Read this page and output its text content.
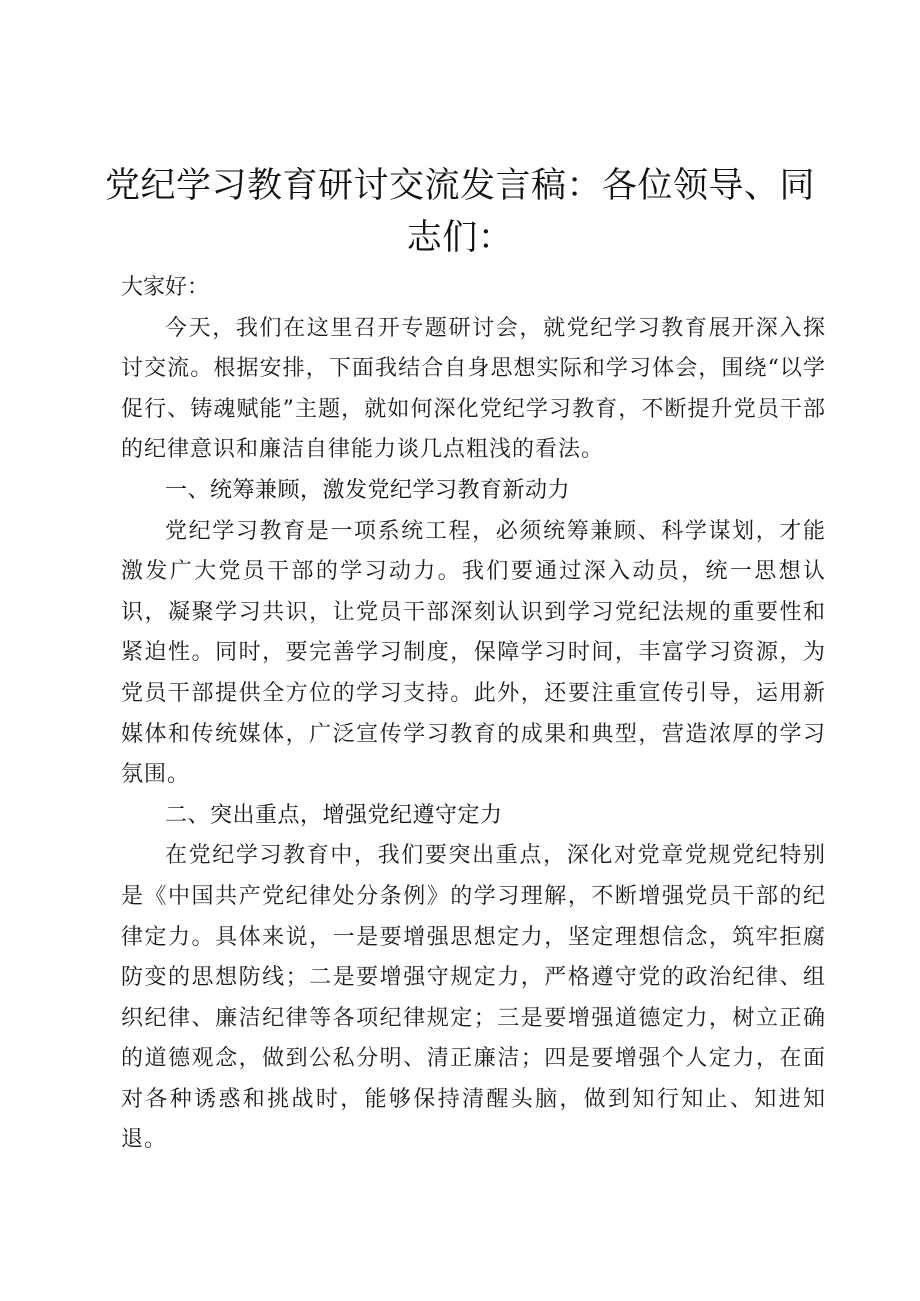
党纪学习教育研讨交流发言稿：各位领导、同志们：

大家好：

今天，我们在这里召开专题研讨会，就党纪学习教育展开深入探讨交流。根据安排，下面我结合自身思想实际和学习体会，围绕“以学促行、铸魂赋能”主题，就如何深化党纪学习教育，不断提升党员干部的纪律意识和廉洁自律能力谈几点粗浅的看法。

一、统筹兼顾，激发党纪学习教育新动力

党纪学习教育是一项系统工程，必须统筹兼顾、科学谋划，才能激发广大党员干部的学习动力。我们要通过深入动员，统一思想认识，凝聚学习共识，让党员干部深刻认识到学习党纪法规的重要性和紧迫性。同时，要完善学习制度，保障学习时间，丰富学习资源，为党员干部提供全方位的学习支持。此外，还要注重宣传引导，运用新媒体和传统媒体，广泛宣传学习教育的成果和典型，营造浓厚的学习氛围。

二、突出重点，增强党纪遵守定力

在党纪学习教育中，我们要突出重点，深化对党章党规党纪特别是《中国共产党纪律处分条例》的学习理解，不断增强党员干部的纪律定力。具体来说，一是要增强思想定力，坚定理想信念，筑牢拒腐防变的思想防线；二是要增强守规定力，严格遵守党的政治纪律、组织纪律、廉洁纪律等各项纪律规定；三是要增强道德定力，树立正确的道德观念，做到公私分明、清正廉洁；四是要增强个人定力，在面对各种诱惑和挑战时，能够保持清醒头脑，做到知行知止、知进知退。
